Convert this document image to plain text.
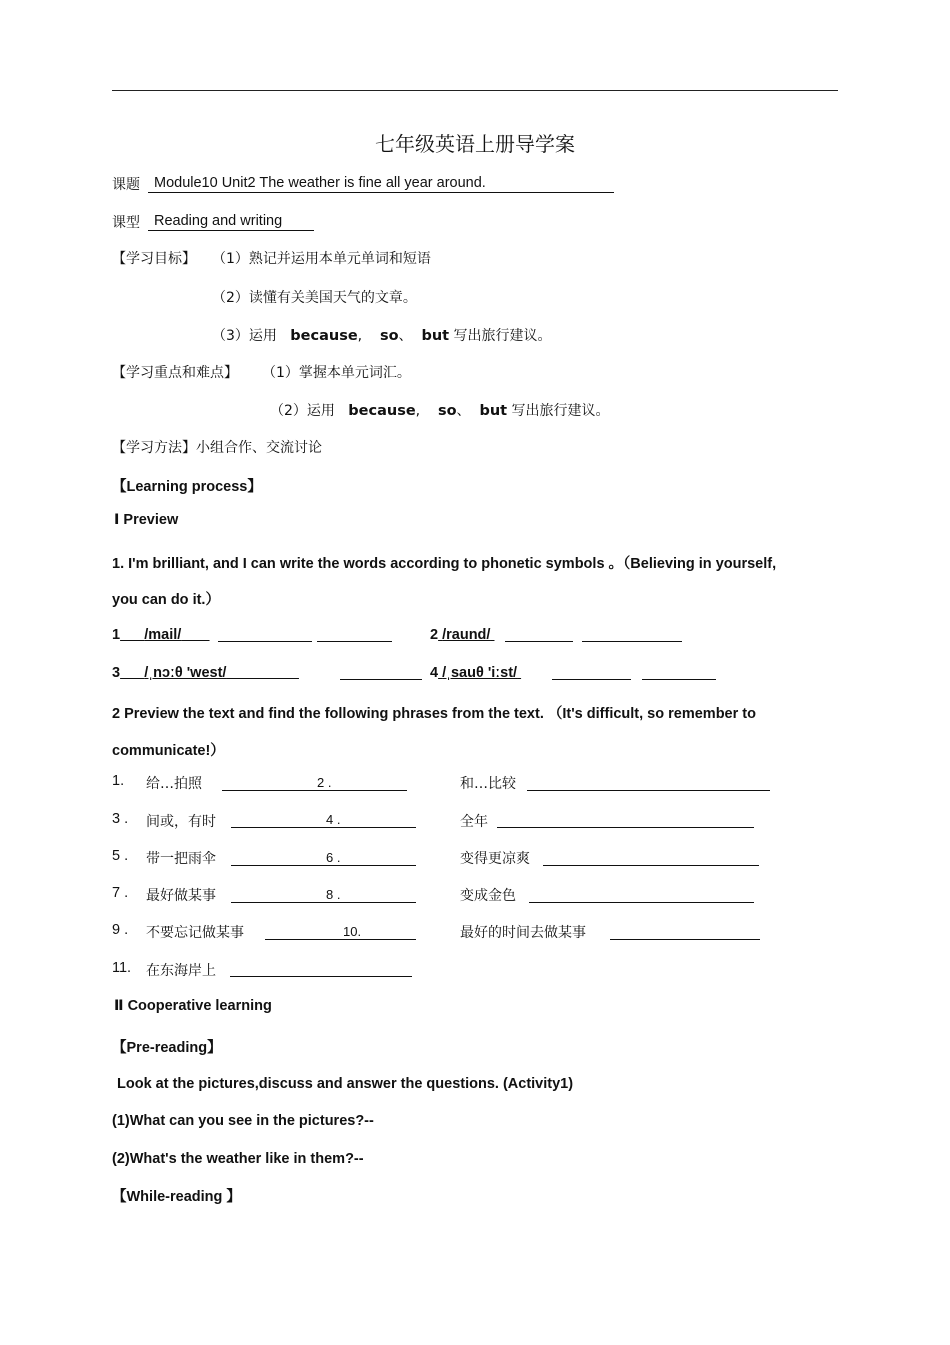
七年级英语上册导学案
课题 Module10 Unit2 The weather is fine all year around.
课型 Reading and writing
【学习目标】 （1）熟记并运用本单元单词和短语
（2）读懂有关美国天气的文章。
（3）运用 because,    so、  but 写出旅行建议。
【学习重点和难点】 （1）掌握本单元词汇。
（2）运用 because,    so、  but 写出旅行建议。
【学习方法】小组合作、交流讨论
【Learning process】
Ⅰ Preview
1. I'm brilliant, and I can write the words according to phonetic symbols 。（Believing in yourself,
you can do it.）
1 /mail/	2 /raund/
3 /ˌnɔːθ 'west/	4 /ˌsauθ 'iːst/
2 Preview the text and find the following phrases from the text. （It's difficult, so remember to
communicate!）
1. 给…拍照	2 .	和…比较
3 . 间或，有时	4 .	全年
5 . 带一把雨伞	6 .	变得更凉爽
7 . 最好做某事	8 .	变成金色
9 . 不要忘记做某事	10.	最好的时间去做某事
11. 在东海岸上
Ⅱ Cooperative learning
【Pre-reading】
Look at the pictures,discuss and answer the questions. (Activity1)
(1)What can you see in the pictures?--
(2)What's the weather like in them?--
【While-reading 】
